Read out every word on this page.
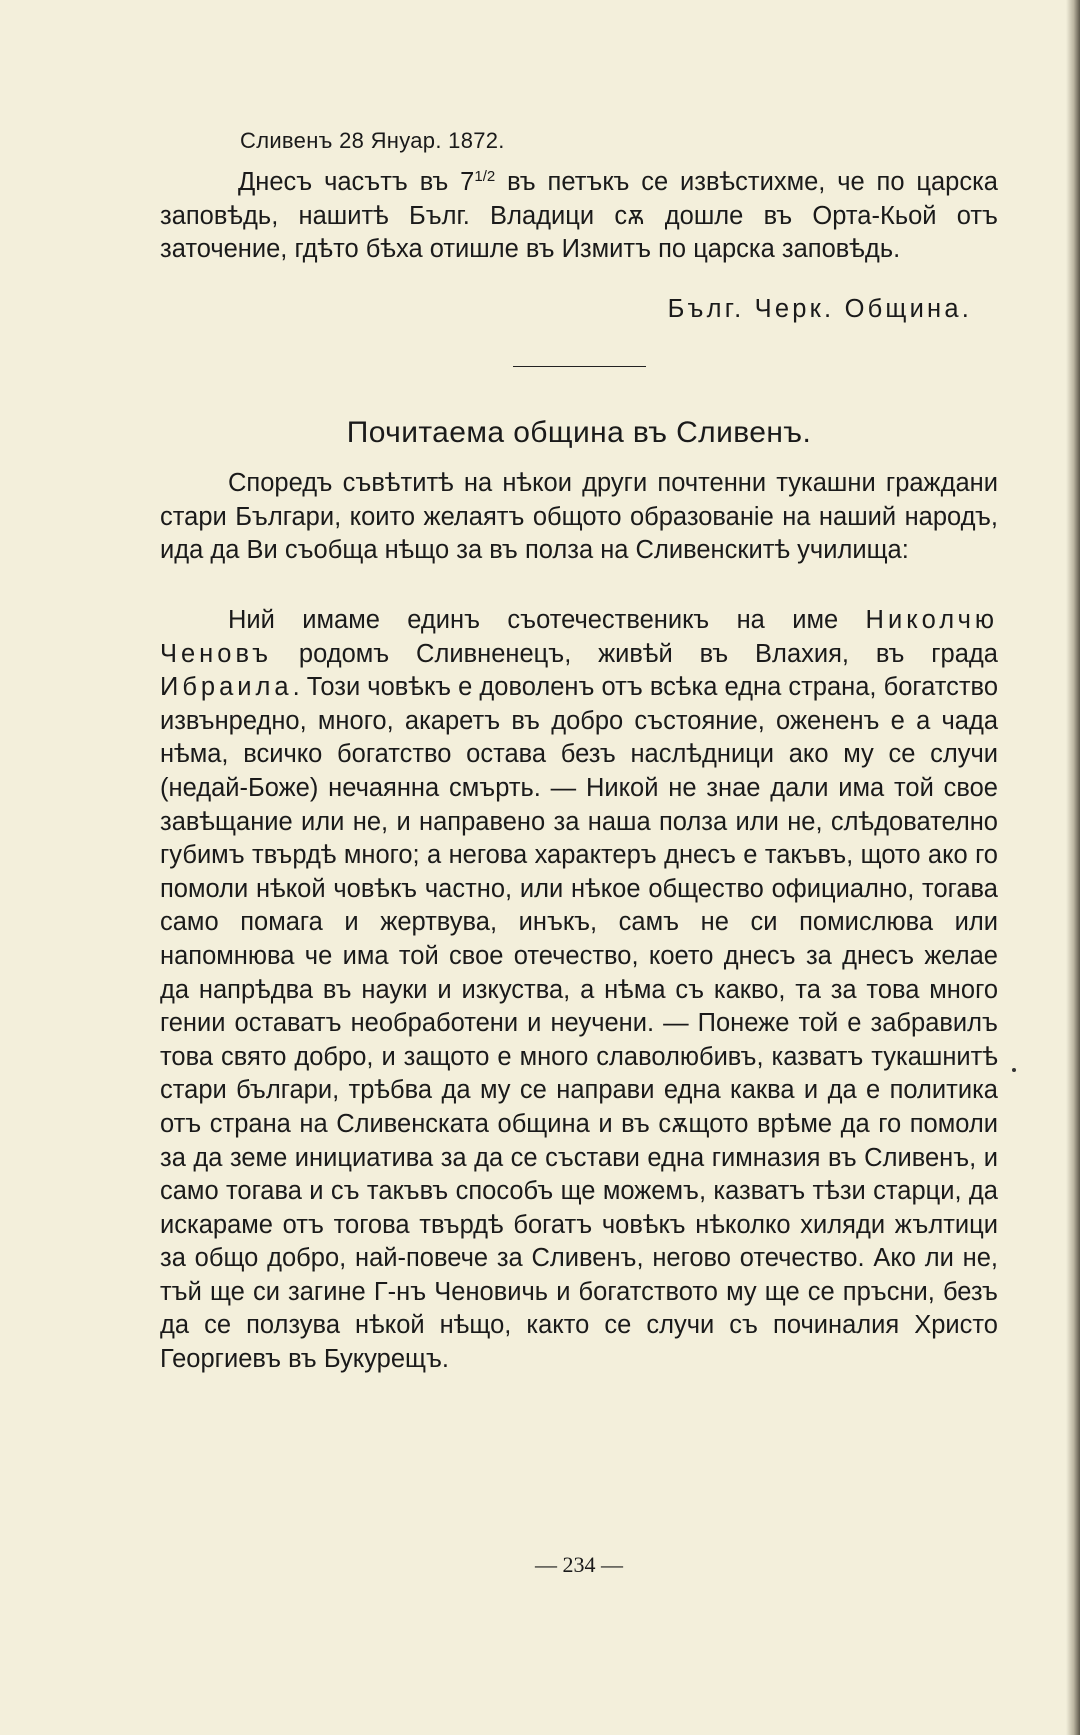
Сливенъ 28 Януар. 1872.
Днесъ часътъ въ $7^{1/2}$ въ петъкъ се извѣстихме, че по царска заповѣдь, нашитѣ Бълг. Владици сѫ дошле въ Орта-Кьой отъ заточение, гдѣто бѣха отишле въ Измитъ по царска заповѣдь.
Бълг. Черк. Община.
Почитаема община въ Сливенъ.
Споредъ съвѣтитѣ на нѣкои други почтенни тукашни граждани стари Българи, които желаятъ общото образованіе на наший народъ, ида да Ви съобща нѣщо за въ полза на Сливенскитѣ училища:
Ний имаме единъ съотечественикъ на име Николчю Ченовъ родомъ Сливненецъ, живѣй въ Влахия, въ града Ибраила. Този човѣкъ е доволенъ отъ всѣка една страна, богатство извънредно, много, акаретъ въ добро състояние, ожененъ е а чада нѣма, всичко богатство остава безъ наслѣдници ако му се случи (недай-Боже) нечаянна смърть. — Никой не знае дали има той свое завѣщание или не, и направено за наша полза или не, слѣдователно губимъ твърдѣ много; а негова характеръ днесъ е такъвъ, щото ако го помоли нѣкой човѣкъ частно, или нѣкое общество официално, тогава само помага и жертвува, инъкъ, самъ не си помислюва или напомнюва че има той свое отечество, което днесъ за днесъ желае да напрѣдва въ науки и изкуства, а нѣма съ какво, та за това много гении оставатъ необработени и неучени. — Понеже той е забравилъ това свято добро, и защото е много славолюбивъ, казватъ тукашнитѣ стари българи, трѣбва да му се направи една каква и да е политика отъ страна на Сливенската община и въ сѫщото врѣме да го помоли за да земе инициатива за да се състави една гимназия въ Сливенъ, и само тогава и съ такъвъ способъ ще можемъ, казватъ тѣзи старци, да искараме отъ тогова твърдѣ богатъ човѣкъ нѣколко хиляди жълтици за общо добро, най-повече за Сливенъ, негово отечество. Ако ли не, тъй ще си загине Г-нъ Ченовичь и богатството му ще се пръсни, безъ да се ползува нѣкой нѣщо, както се случи съ починалия Христо Георгиевъ въ Букурещъ.
— 234 —
